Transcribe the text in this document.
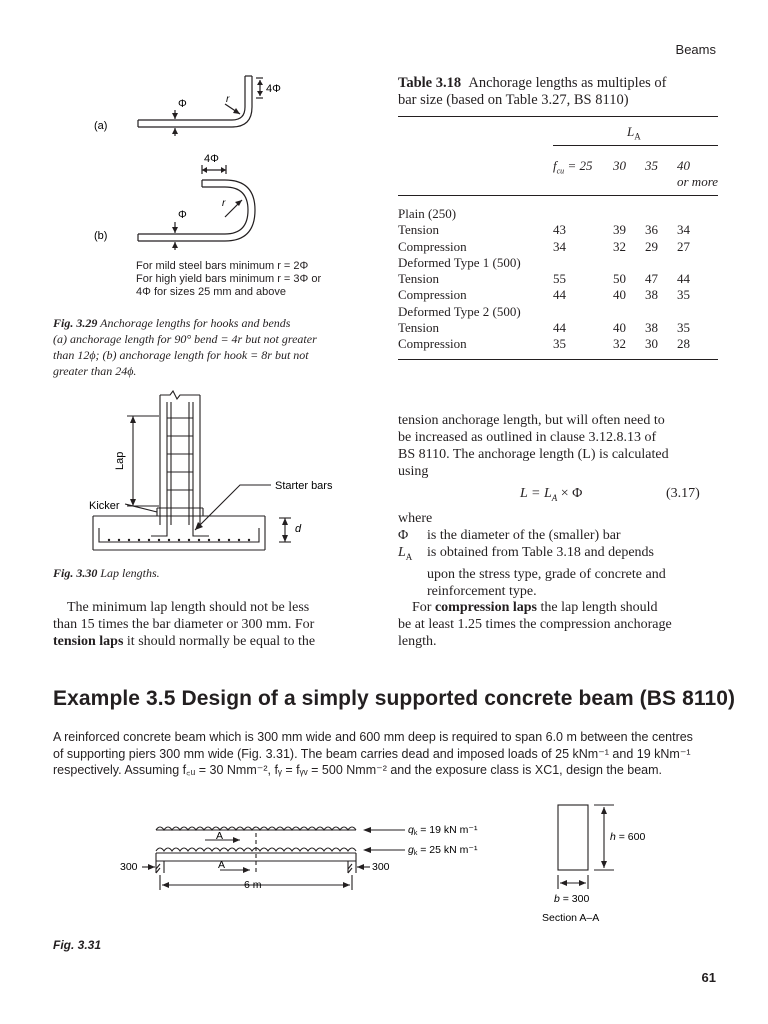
Beams
Φ	r
4Φ
(a)
4Φ
Φ
r
(b)
For mild steel bars minimum r = 2Φ
For high yield bars minimum r = 3Φ or
4Φ for sizes 25 mm and above
Fig. 3.29 Anchorage lengths for hooks and bends
(a) anchorage length for 90° bend = 4r but not greater
than 12ϕ; (b) anchorage length for hook = 8r but not
greater than 24ϕ.
Table 3.18 Anchorage lengths as multiples of
bar size (based on Table 3.27, BS 8110)
$L_A$
$f_{cu} = 25$ 30 35 40
or more
Plain (250)
Tension	43	39	36	34
Compression	34	32	29	27
Deformed Type 1 (500)
Tension	55	50	47	44
Compression	44	40	38	35
Deformed Type 2 (500)
Tension	44	40	38	35
Compression	35	32	30	28
Lap
Kicker
Starter bars
d
Fig. 3.30 Lap lengths.
The minimum lap length should not be less
than 15 times the bar diameter or 300 mm. For
tension laps it should normally be equal to the
tension anchorage length, but will often need to
be increased as outlined in clause 3.12.8.13 of
BS 8110. The anchorage length (L) is calculated
using
$L = L_A \times \Phi$	(3.17)
where
Φ is the diameter of the (smaller) bar
$L_A$ is obtained from Table 3.18 and depends
upon the stress type, grade of concrete and
reinforcement type.
For compression laps the lap length should
be at least 1.25 times the compression anchorage
length.
Example 3.5 Design of a simply supported concrete beam (BS 8110)
A reinforced concrete beam which is 300 mm wide and 600 mm deep is required to span 6.0 m between the centres
of supporting piers 300 mm wide (Fig. 3.31). The beam carries dead and imposed loads of 25 kNm⁻¹ and 19 kNm⁻¹
respectively. Assuming f꜀ᵤ = 30 Nmm⁻², fᵧ = fᵧᵥ = 500 Nmm⁻² and the exposure class is XC1, design the beam.
qk = 19 kN m⁻¹
gk = 25 kN m⁻¹
A
A
300	300
6 m
h = 600
b = 300
Section A–A
Fig. 3.31
61
